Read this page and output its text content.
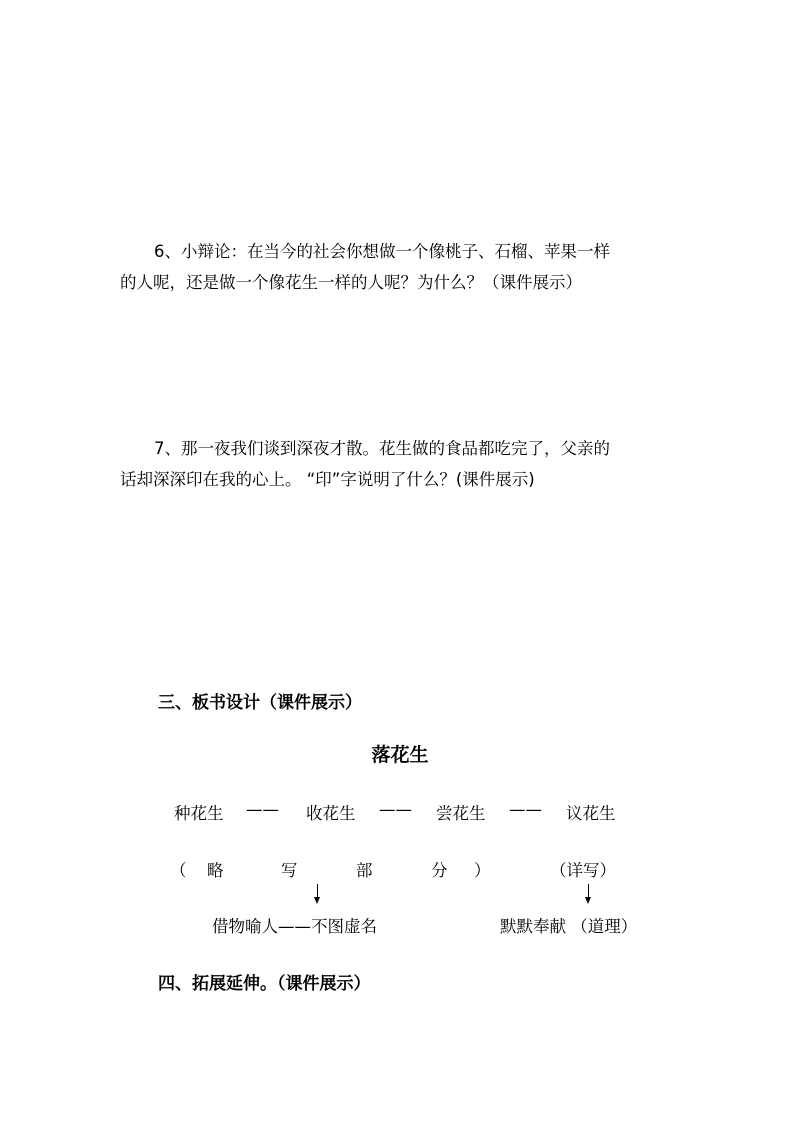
6、小辩论：在当今的社会你想做一个像桃子、石榴、苹果一样
的人呢，还是做一个像花生一样的人呢？为什么？（课件展示）
7、那一夜我们谈到深夜才散。花生做的食品都吃完了，父亲的
话却深深印在我的心上。 “印”字说明了什么？(课件展示)
三、板书设计（课件展示）
落花生
种花生 —— 收花生 —— 尝花生 —— 议花生
（ 略	写	部	分 ）	（详写）
借物喻人——不图虚名	默默奉献 （道理）
四、拓展延伸。（课件展示）
